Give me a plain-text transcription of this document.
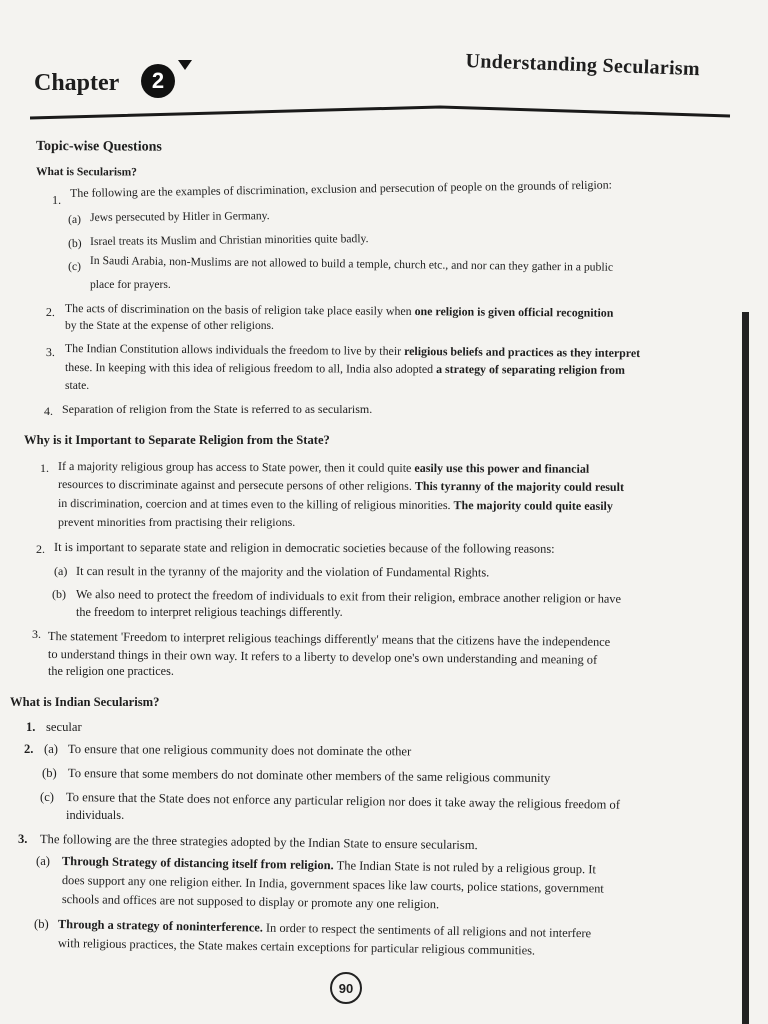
Understanding Secularism
Chapter	2
Topic-wise Questions
What is Secularism?
1. The following are the examples of discrimination, exclusion and persecution of people on the grounds of religion:
(a) Jews persecuted by Hitler in Germany.
(b) Israel treats its Muslim and Christian minorities quite badly.
(c) In Saudi Arabia, non-Muslims are not allowed to build a temple, church etc., and nor can they gather in a public
place for prayers.
2. The acts of discrimination on the basis of religion take place easily when one religion is given official recognition
by the State at the expense of other religions.
3. The Indian Constitution allows individuals the freedom to live by their religious beliefs and practices as they interpret
these. In keeping with this idea of religious freedom to all, India also adopted a strategy of separating religion from
state.
4. Separation of religion from the State is referred to as secularism.
Why is it Important to Separate Religion from the State?
1. If a majority religious group has access to State power, then it could quite easily use this power and financial
resources to discriminate against and persecute persons of other religions. This tyranny of the majority could result
in discrimination, coercion and at times even to the killing of religious minorities. The majority could quite easily
prevent minorities from practising their religions.
2. It is important to separate state and religion in democratic societies because of the following reasons:
(a) It can result in the tyranny of the majority and the violation of Fundamental Rights.
(b) We also need to protect the freedom of individuals to exit from their religion, embrace another religion or have
the freedom to interpret religious teachings differently.
3. The statement 'Freedom to interpret religious teachings differently' means that the citizens have the independence
to understand things in their own way. It refers to a liberty to develop one's own understanding and meaning of
the religion one practices.
What is Indian Secularism?
1. secular
2. (a) To ensure that one religious community does not dominate the other
(b) To ensure that some members do not dominate other members of the same religious community
(c) To ensure that the State does not enforce any particular religion nor does it take away the religious freedom of
individuals.
3. The following are the three strategies adopted by the Indian State to ensure secularism.
(a) Through Strategy of distancing itself from religion. The Indian State is not ruled by a religious group. It
does support any one religion either. In India, government spaces like law courts, police stations, government
schools and offices are not supposed to display or promote any one religion.
(b) Through a strategy of noninterference. In order to respect the sentiments of all religions and not interfere
with religious practices, the State makes certain exceptions for particular religious communities.
90
